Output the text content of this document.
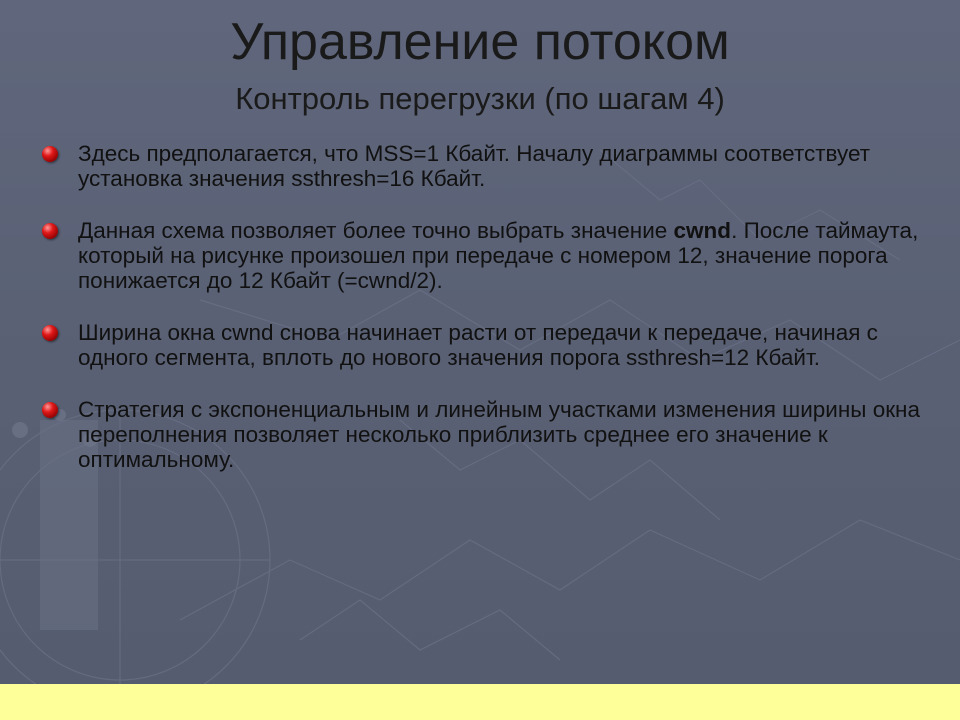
Управление потоком
Контроль перегрузки (по шагам 4)
Здесь предполагается, что MSS=1 Кбайт. Началу диаграммы соответствует установка значения ssthresh=16 Кбайт.
Данная схема позволяет более точно выбрать значение cwnd. После таймаута, который на рисунке произошел при передаче с номером 12, значение порога понижается до 12 Кбайт (=cwnd/2).
Ширина окна cwnd снова начинает расти от передачи к передаче, начиная с одного сегмента, вплоть до нового значения порога ssthresh=12 Кбайт.
Стратегия с экспоненциальным и линейным участками изменения ширины окна переполнения позволяет несколько приблизить среднее его значение к оптимальному.
